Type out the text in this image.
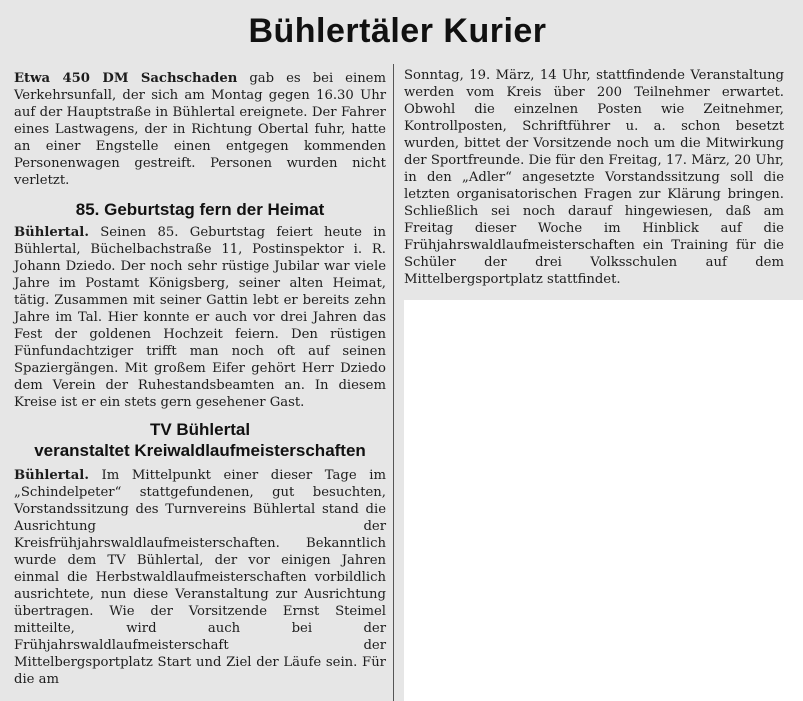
Bühlertäler Kurier

Etwa 450 DM Sachschaden gab es bei einem Verkehrsunfall, der sich am Montag gegen 16.30 Uhr auf der Hauptstraße in Bühlertal ereignete. Der Fahrer eines Lastwagens, der in Richtung Obertal fuhr, hatte an einer Engstelle einen entgegen kommenden Personenwagen gestreift. Personen wurden nicht verletzt.

85. Geburtstag fern der Heimat

Bühlertal. Seinen 85. Geburtstag feiert heute in Bühlertal, Büchelbachstraße 11, Postinspektor i. R. Johann Dziedo. Der noch sehr rüstige Jubilar war viele Jahre im Postamt Königsberg, seiner alten Heimat, tätig. Zusammen mit seiner Gattin lebt er bereits zehn Jahre im Tal. Hier konnte er auch vor drei Jahren das Fest der goldenen Hochzeit feiern. Den rüstigen Fünfundachtziger trifft man noch oft auf seinen Spaziergängen. Mit großem Eifer gehört Herr Dziedo dem Verein der Ruhestandsbeamten an. In diesem Kreise ist er ein stets gern gesehener Gast.

TV Bühlertal
veranstaltet Kreiwaldlaufmeisterschaften

Bühlertal. Im Mittelpunkt einer dieser Tage im „Schindelpeter“ stattgefundenen, gut besuchten, Vorstandssitzung des Turnvereins Bühlertal stand die Ausrichtung der Kreisfrühjahrswaldlaufmeisterschaften. Bekanntlich wurde dem TV Bühlertal, der vor einigen Jahren einmal die Herbstwaldlaufmeisterschaften vorbildlich ausrichtete, nun diese Veranstaltung zur Ausrichtung übertragen. Wie der Vorsitzende Ernst Steimel mitteilte, wird auch bei der Frühjahrswaldlaufmeisterschaft der Mittelbergsportplatz Start und Ziel der Läufe sein. Für die am

Sonntag, 19. März, 14 Uhr, stattfindende Veranstaltung werden vom Kreis über 200 Teilnehmer erwartet. Obwohl die einzelnen Posten wie Zeitnehmer, Kontrollposten, Schriftführer u. a. schon besetzt wurden, bittet der Vorsitzende noch um die Mitwirkung der Sportfreunde. Die für den Freitag, 17. März, 20 Uhr, in den „Adler“ angesetzte Vorstandssitzung soll die letzten organisatorischen Fragen zur Klärung bringen. Schließlich sei noch darauf hingewiesen, daß am Freitag dieser Woche im Hinblick auf die Frühjahrswaldlaufmeisterschaften ein Training für die Schüler der drei Volksschulen auf dem Mittelbergsportplatz stattfindet.
